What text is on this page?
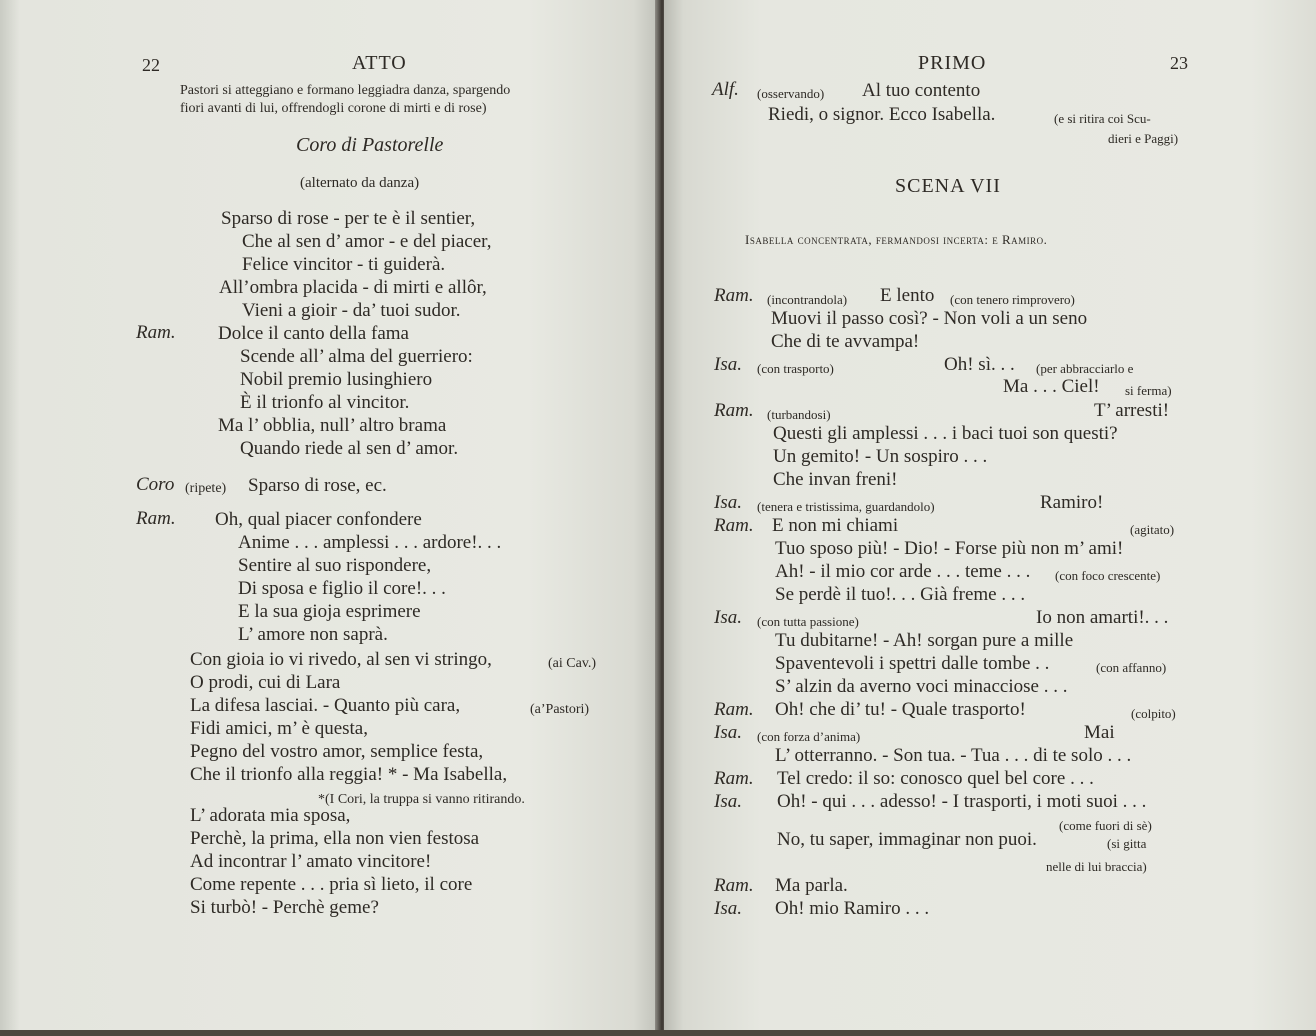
22	ATTO
Pastori si atteggiano e formano leggiadra danza, spargendo
fiori avanti di lui, offrendogli corone di mirti e di rose)
Coro di Pastorelle
(alternato da danza)
Sparso di rose - per te è il sentier,
Che al sen d’ amor - e del piacer,
Felice vincitor - ti guiderà.
All’ombra placida - di mirti e allôr,
Vieni a gioir - da’ tuoi sudor.
Ram. Dolce il canto della fama
Scende all’ alma del guerriero:
Nobil premio lusinghiero
È il trionfo al vincitor.
Ma l’ obblia, null’ altro brama
Quando riede al sen d’ amor.
Coro (ripete) Sparso di rose, ec.
Ram. Oh, qual piacer confondere
Anime . . . amplessi . . . ardore!. . .
Sentire al suo rispondere,
Di sposa e figlio il core!. . .
E la sua gioja esprimere
L’ amore non saprà.
Con gioia io vi rivedo, al sen vi stringo,	(ai Cav.)
O prodi, cui di Lara
La difesa lasciai. - Quanto più cara,	(a’Pastori)
Fidi amici, m’ è questa,
Pegno del vostro amor, semplice festa,
Che il trionfo alla reggia! * - Ma Isabella,
*(I Cori, la truppa si vanno ritirando.
L’ adorata mia sposa,
Perchè, la prima, ella non vien festosa
Ad incontrar l’ amato vincitore!
Come repente . . . pria sì lieto, il core
Si turbò! - Perchè geme?
PRIMO	23
Alf. (osservando) Al tuo contento
Riedi, o signor. Ecco Isabella.	(e si ritira coi Scu-
dieri e Paggi)
SCENA VII
Isabella concentrata, fermandosi incerta: e Ramiro.
Ram. (incontrandola) E lento (con tenero rimprovero)
Muovi il passo così? - Non voli a un seno
Che di te avvampa!
Isa. (con trasporto)	Oh! sì. . . (per abbracciarlo e
Ma . . . Ciel! si ferma)
Ram. (turbandosi)	T’ arresti!
Questi gli amplessi . . . i baci tuoi son questi?
Un gemito! - Un sospiro . . .
Che invan freni!
Isa. (tenera e tristissima, guardandolo)	Ramiro!
Ram. E non mi chiami	(agitato)
Tuo sposo più! - Dio! - Forse più non m’ ami!
Ah! - il mio cor arde . . . teme . . . (con foco crescente)
Se perdè il tuo!. . . Già freme . . .
Isa. (con tutta passione)	Io non amarti!. . .
Tu dubitarne! - Ah! sorgan pure a mille
Spaventevoli i spettri dalle tombe . .	(con affanno)
S’ alzin da averno voci minacciose . . .
Ram. Oh! che di’ tu! - Quale trasporto!	(colpito)
Isa. (con forza d’anima)	Mai
L’ otterranno. - Son tua. - Tua . . . di te solo . . .
Ram. Tel credo: il so: conosco quel bel core . . .
Isa. Oh! - qui . . . adesso! - I trasporti, i moti suoi . . .
(come fuori di sè)
No, tu saper, immaginar non puoi.	(si gitta
nelle di lui braccia)
Ram. Ma parla.
Isa. Oh! mio Ramiro . . .
